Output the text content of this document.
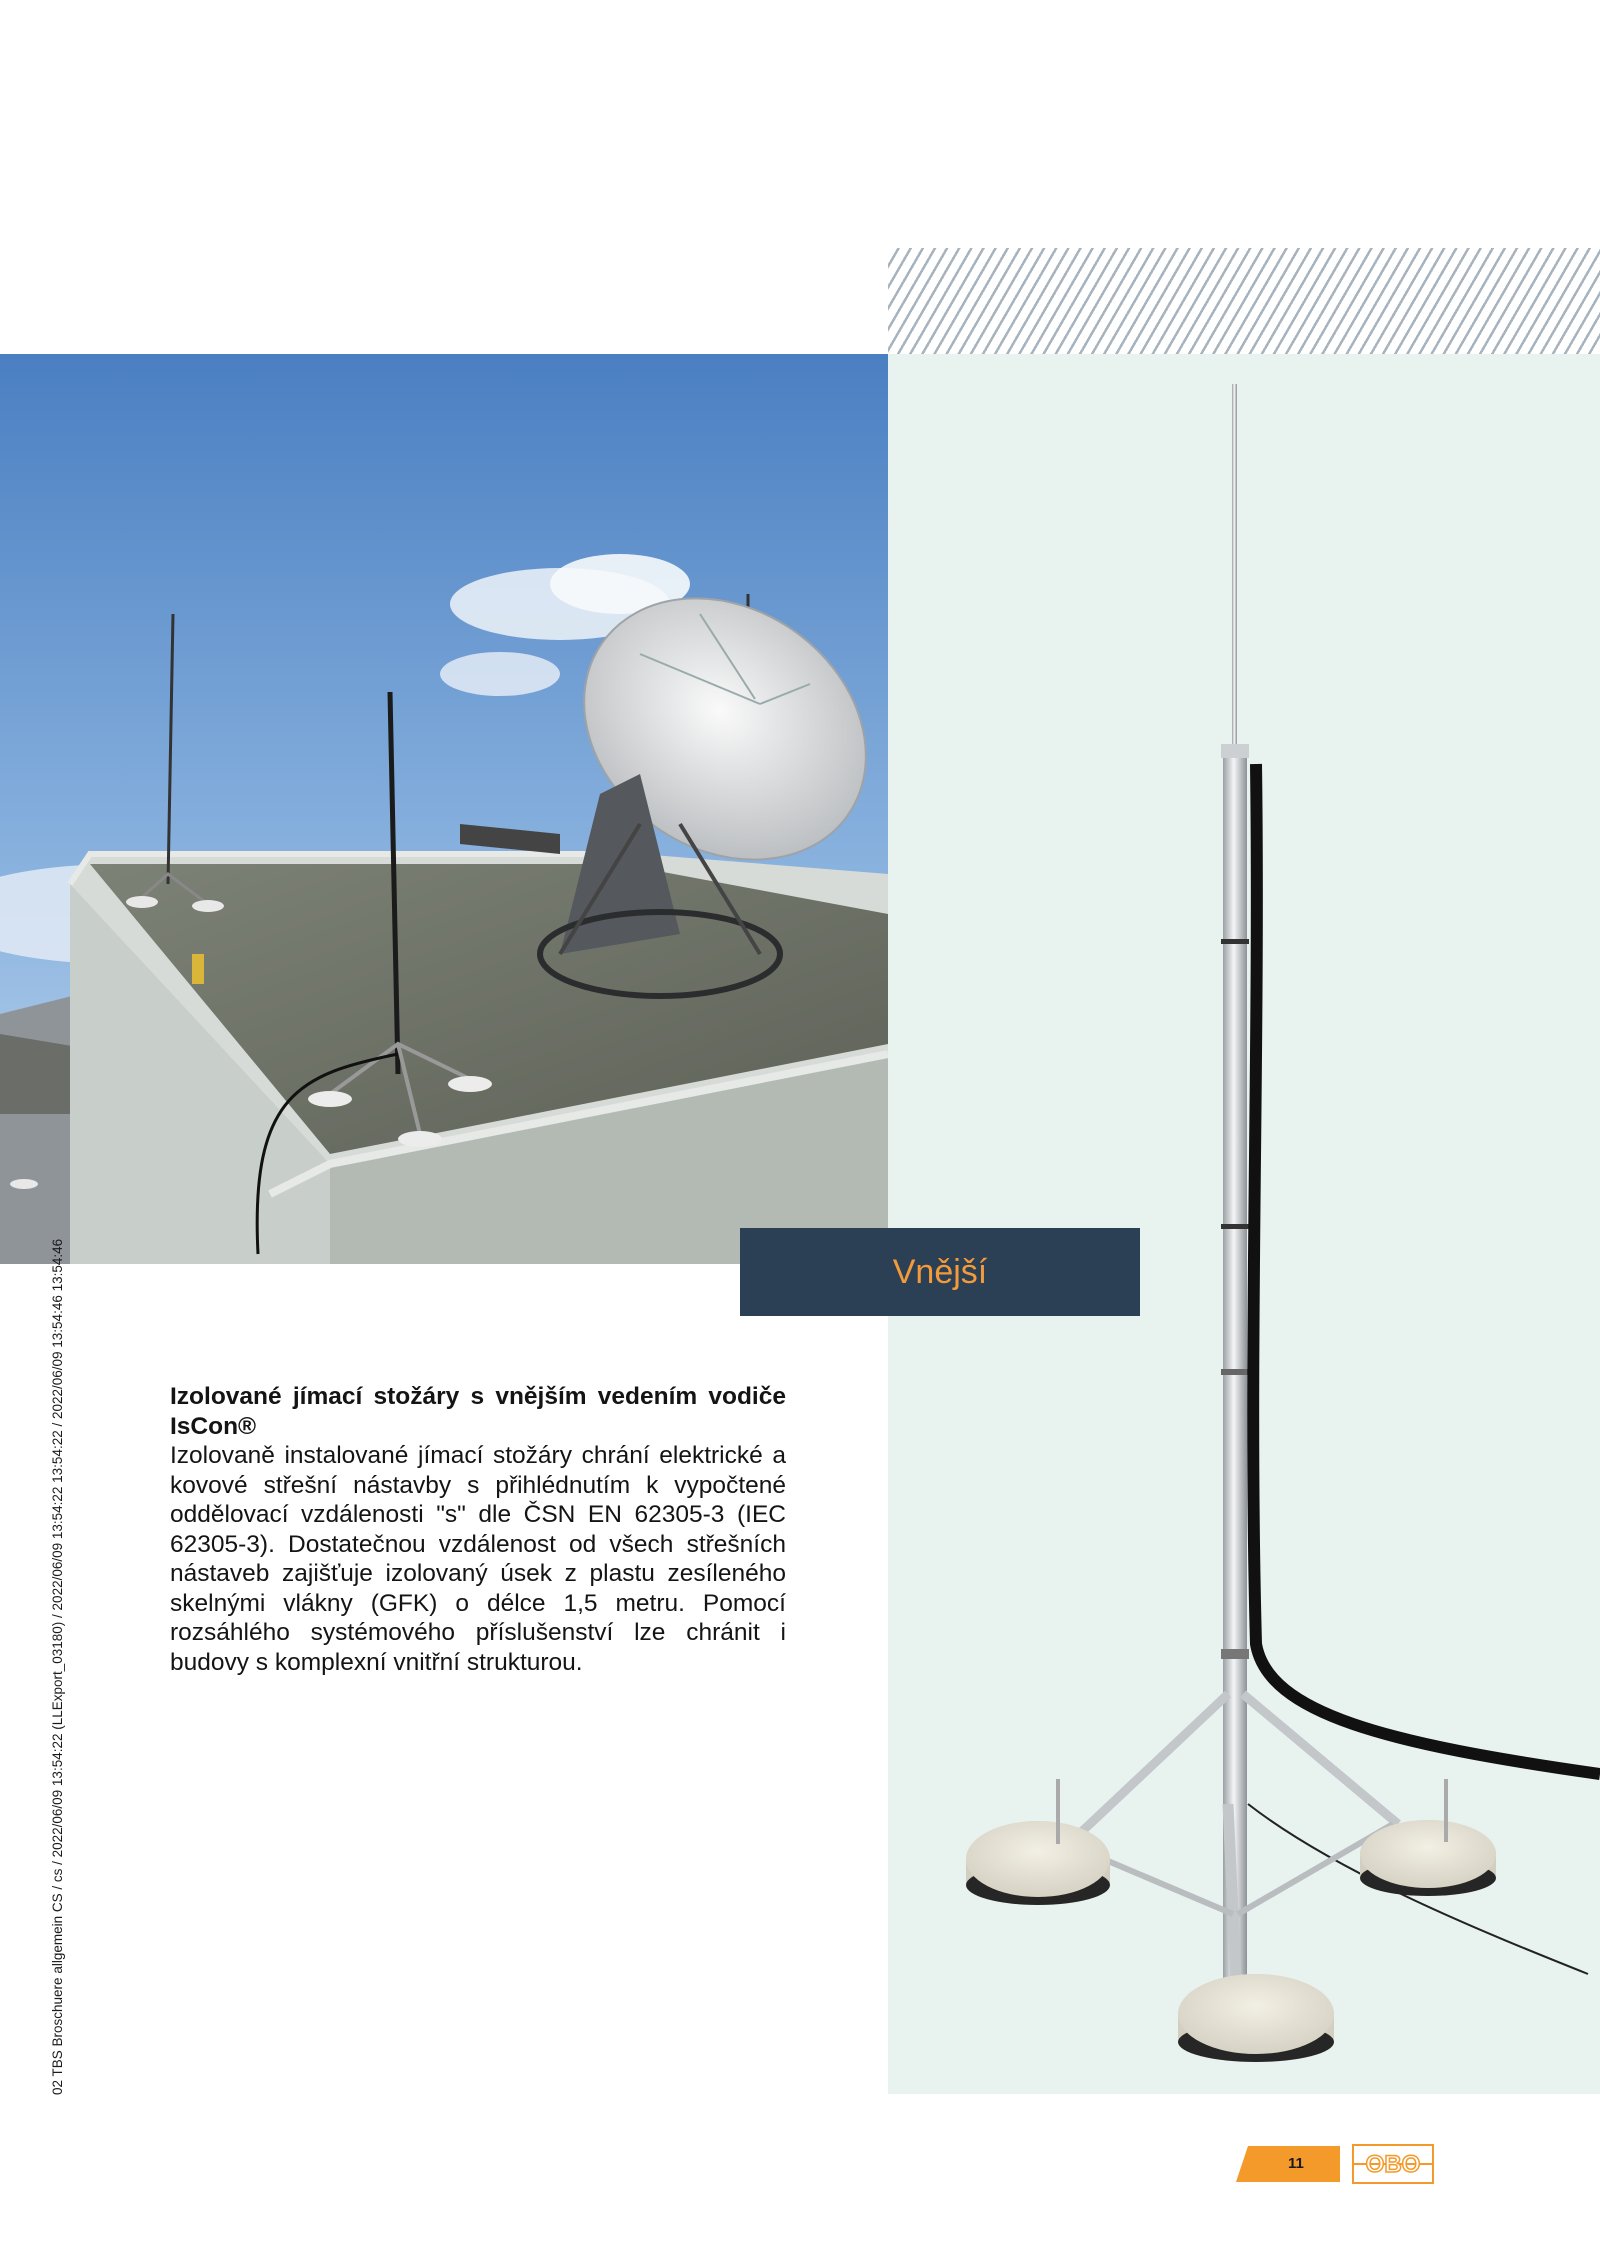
Vnější
Izolované jímací stožáry s vnějším vedením vodiče IsCon®

Izolovaně instalované jímací stožáry chrání elektrické a kovové střešní nástavby s přihlédnutím k vypočtené oddělovací vzdálenosti "s" dle ČSN EN 62305-3 (IEC 62305-3). Dostatečnou vzdálenost od všech střešních nástaveb zajišťuje izolovaný úsek z plastu zesíleného skelnými vlákny (GFK) o délce 1,5 metru. Pomocí rozsáhlého systémového příslušenství lze chránit i budovy s komplexní vnitřní strukturou.

02 TBS Broschuere allgemein CS / cs / 2022/06/09 13:54:22 (LLExport_03180) / 2022/06/09 13:54:22 13:54:22 / 2022/06/09 13:54:46 13:54:46
11	OBO
